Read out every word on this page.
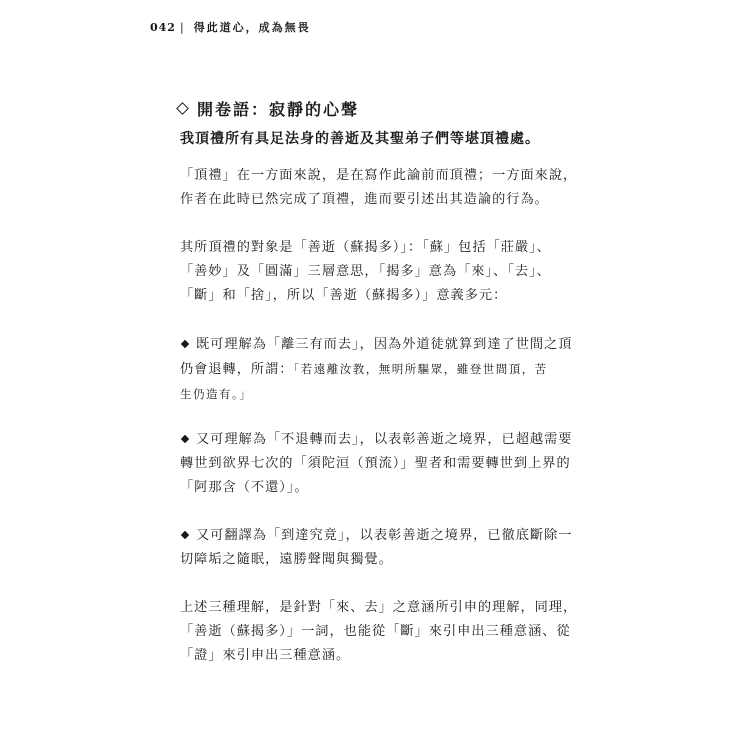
042 | 得此道心，成為無畏
開卷語：寂靜的心聲
我頂禮所有具足法身的善逝及其聖弟子們等堪頂禮處。
「頂禮」在一方面來說，是在寫作此論前而頂禮；一方面來說，
作者在此時已然完成了頂禮，進而要引述出其造論的行為。
其所頂禮的對象是「善逝（蘇揭多）」：「蘇」包括「莊嚴」、
「善妙」及「圓滿」三層意思，「揭多」意為「來」、「去」、
「斷」和「捨」，所以「善逝（蘇揭多）」意義多元：
既可理解為「離三有而去」，因為外道徒就算到達了世間之頂
仍會退轉，所謂：「若遠離汝教，無明所驅眾，雖登世間頂，苦
生仍造有。」
又可理解為「不退轉而去」，以表彰善逝之境界，已超越需要
轉世到欲界七次的「須陀洹（預流）」聖者和需要轉世到上界的
「阿那含（不還）」。
又可翻譯為「到達究竟」，以表彰善逝之境界，已徹底斷除一
切障垢之隨眠，遠勝聲聞與獨覺。
上述三種理解，是針對「來、去」之意涵所引申的理解，同理，
「善逝（蘇揭多）」一詞，也能從「斷」來引申出三種意涵、從
「證」來引申出三種意涵。
